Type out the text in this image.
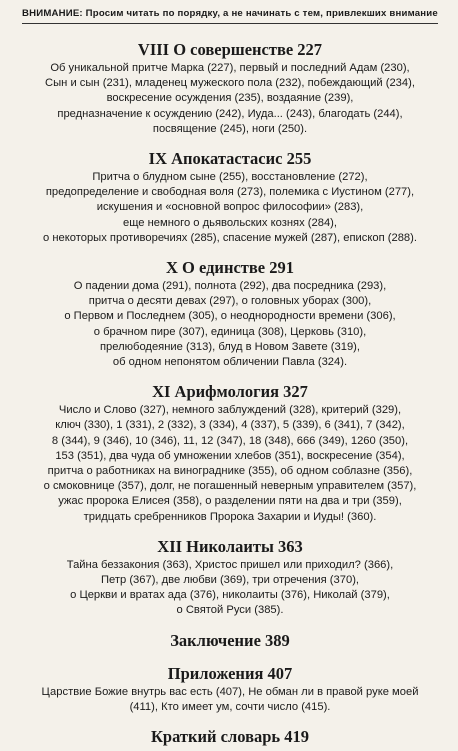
ВНИМАНИЕ: Просим читать по порядку, а не начинать с тем, привлекших внимание
VIII О совершенстве 227
Об уникальной притче Марка (227), первый и последний Адам (230),
Сын и сын (231), младенец мужеского пола (232), побеждающий (234),
воскресение осуждения (235), воздаяние (239),
предназначение к осуждению (242), Иуда... (243), благодать (244),
посвящение (245), ноги (250).
IX Апокатастасис 255
Притча о блудном сыне (255), восстановление (272),
предопределение и свободная воля (273), полемика с Иустином (277),
искушения и «основной вопрос философии» (283),
еще немного о дьявольских кознях (284),
о некоторых противоречиях (285), спасение мужей (287), епископ (288).
X О единстве 291
О падении дома (291), полнота (292), два посредника (293),
притча о десяти девах (297), о головных уборах (300),
о Первом и Последнем (305), о неоднородности времени (306),
о брачном пире (307), единица (308), Церковь (310),
прелюбодеяние (313), блуд в Новом Завете (319),
об одном непонятом обличении Павла (324).
XI Арифмология 327
Число и Слово (327), немного заблуждений (328), критерий (329),
ключ (330), 1 (331), 2 (332), 3 (334), 4 (337), 5 (339), 6 (341), 7 (342),
8 (344), 9 (346), 10 (346), 11, 12 (347), 18 (348), 666 (349), 1260 (350),
153 (351), два чуда об умножении хлебов (351), воскресение (354),
притча о работниках на винограднике (355), об одном соблазне (356),
о смоковнице (357), долг, не погашенный неверным управителем (357),
ужас пророка Елисея (358), о разделении пяти на два и три (359),
тридцать сребренников Пророка Захарии и Иуды! (360).
XII Николаиты 363
Тайна беззакония (363), Христос пришел или приходил? (366),
Петр (367), две любви (369), три отречения (370),
о Церкви и вратах ада (376), николаиты (376), Николай (379),
о Святой Руси (385).
Заключение 389
Приложения 407
Царствие Божие внутрь вас есть (407), Не обман ли в правой руке моей
(411), Кто имеет ум, сочти число (415).
Краткий словарь 419
